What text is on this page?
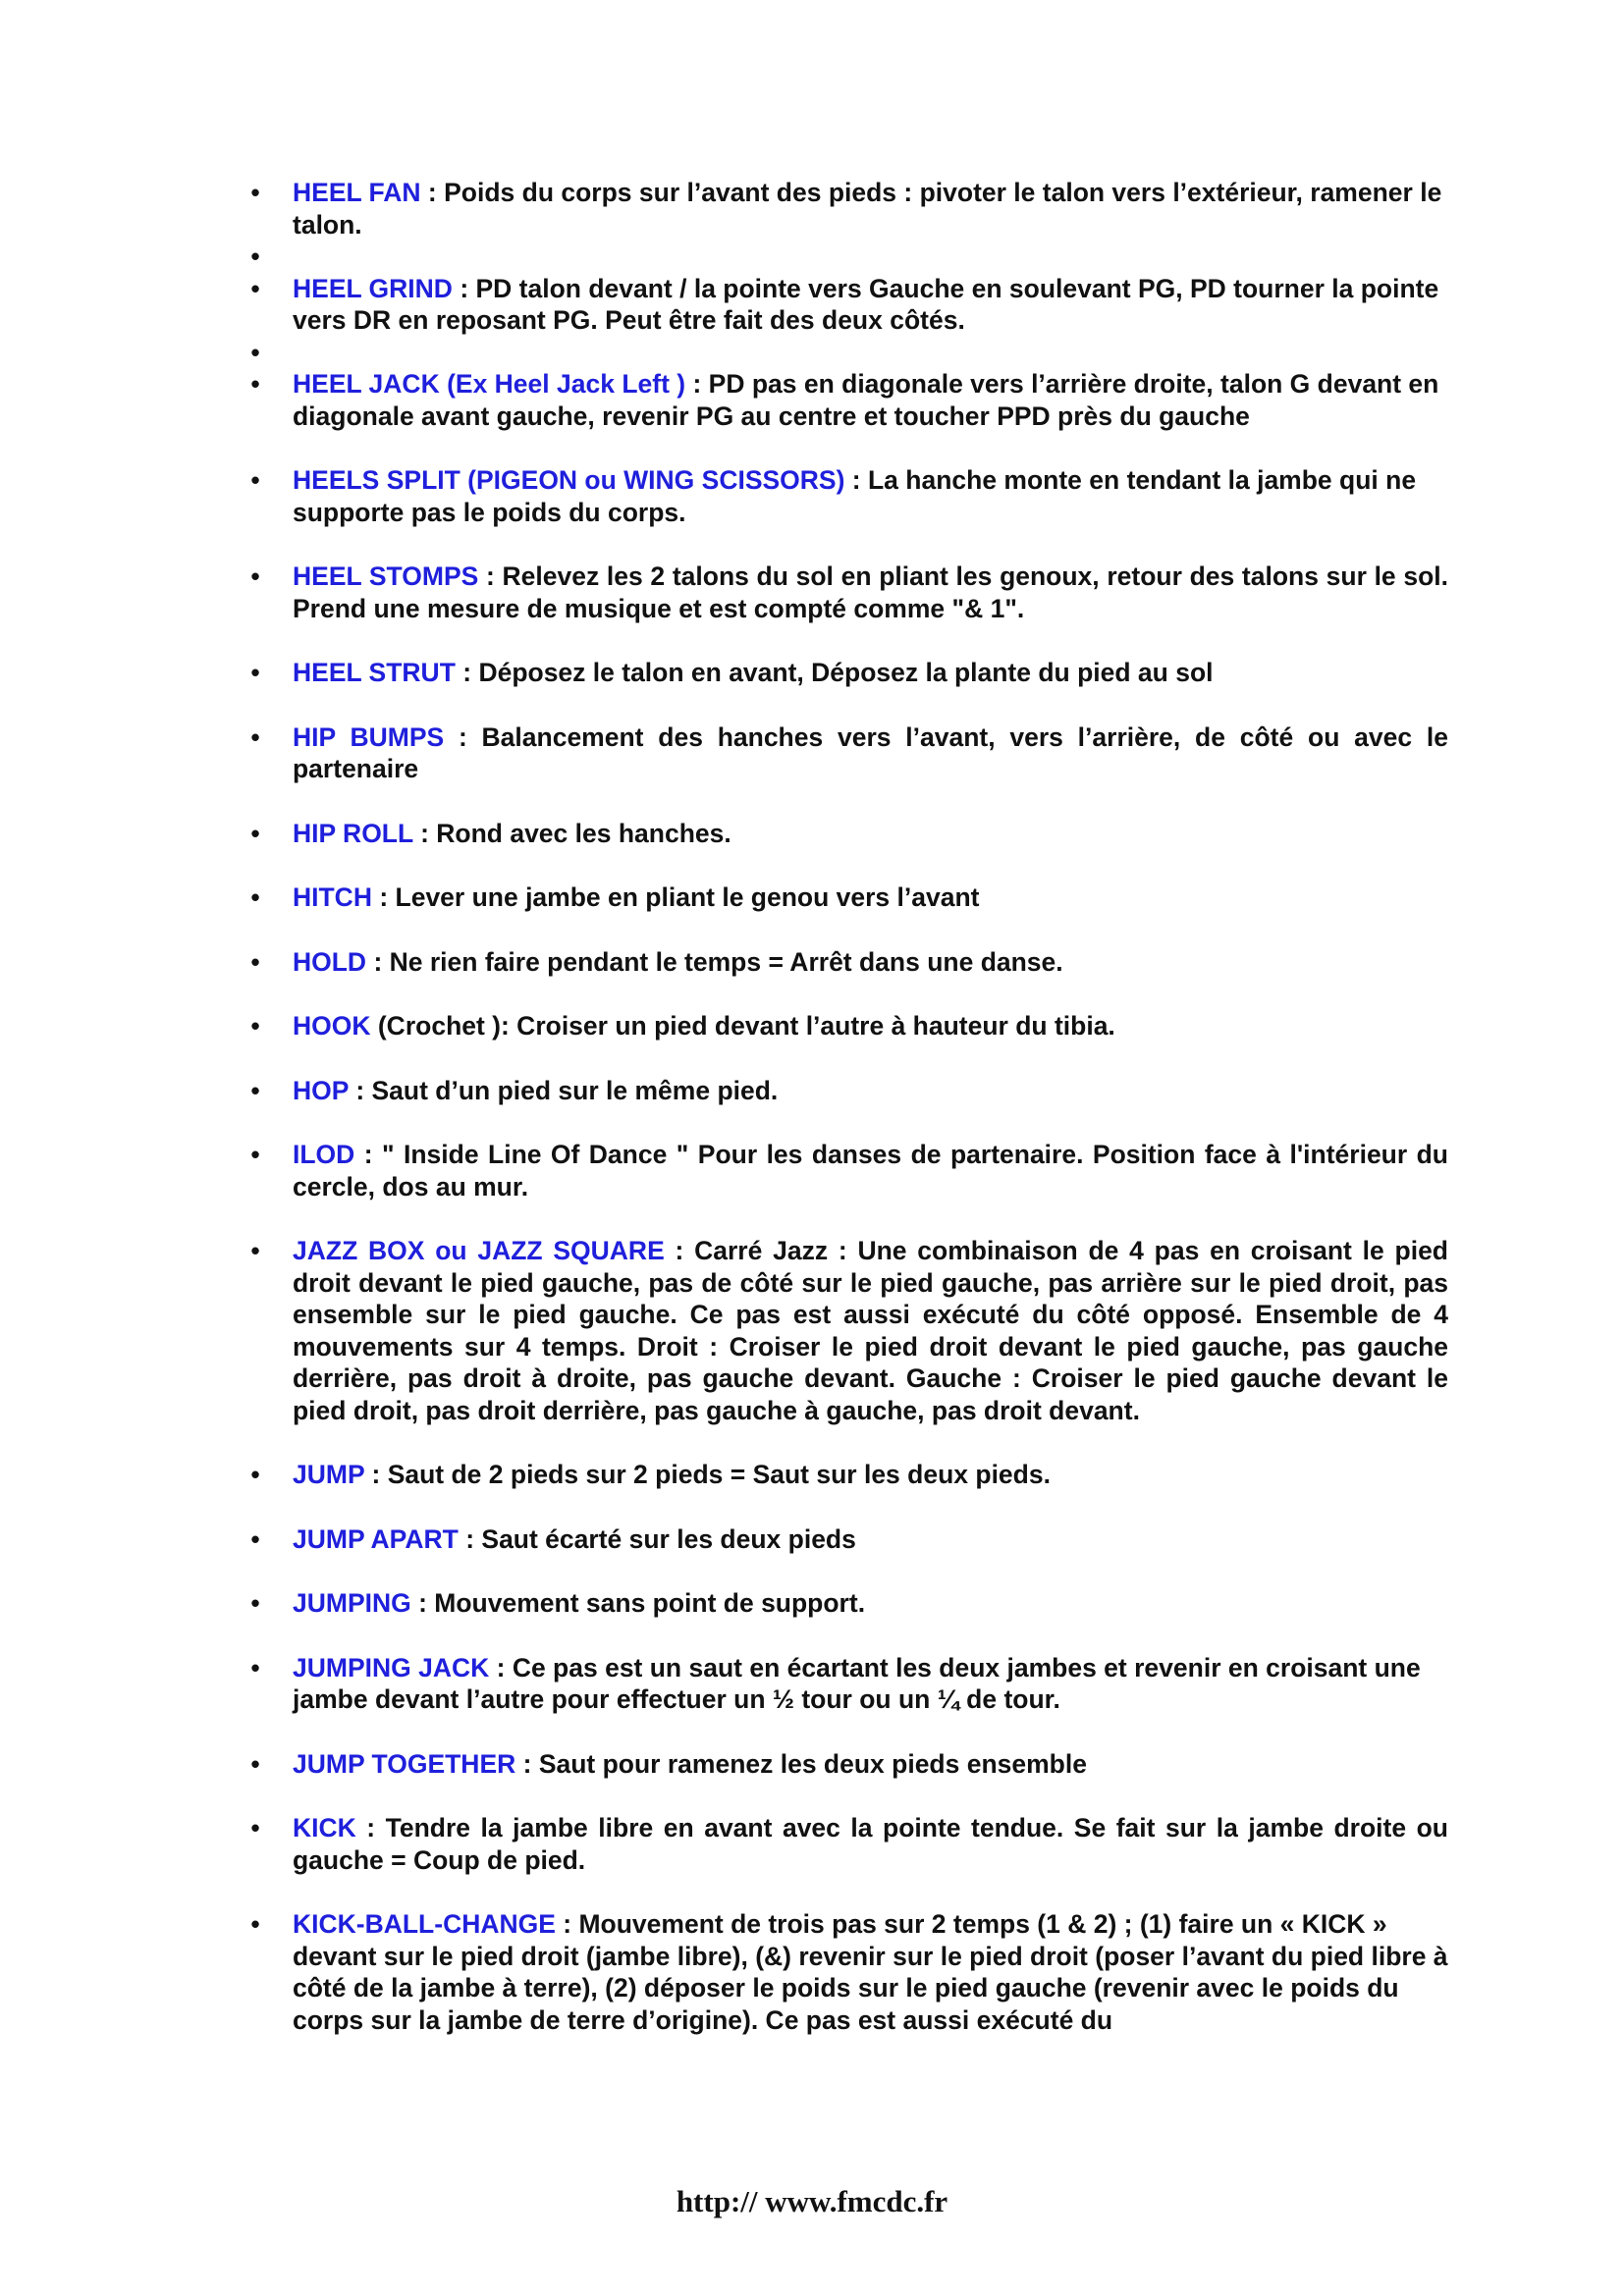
• HEEL FAN : Poids du corps sur l’avant des pieds : pivoter le talon vers l’extérieur, ramener le talon.
•

• HEEL GRIND : PD talon devant / la pointe vers Gauche en soulevant PG, PD tourner la pointe vers DR en reposant PG. Peut être fait des deux côtés.
•

• HEEL JACK (Ex Heel Jack Left ) : PD pas en diagonale vers l’arrière droite, talon G devant en diagonale avant gauche, revenir PG au centre et toucher PPD près du gauche
• HEELS SPLIT (PIGEON ou WING SCISSORS) : La hanche monte en tendant la jambe qui ne supporte pas le poids du corps.
• HEEL STOMPS : Relevez les 2 talons du sol en pliant les genoux, retour des talons sur le sol. Prend une mesure de musique et est compté comme "& 1".
• HEEL STRUT : Déposez le talon en avant, Déposez la plante du pied au sol
• HIP BUMPS : Balancement des hanches vers l’avant, vers l’arrière, de côté ou avec le partenaire
• HIP ROLL : Rond avec les hanches.
• HITCH : Lever une jambe en pliant le genou vers l’avant
• HOLD : Ne rien faire pendant le temps = Arrêt dans une danse.
• HOOK (Crochet ): Croiser un pied devant l’autre à hauteur du tibia.
• HOP : Saut d’un pied sur le même pied.
• ILOD : " Inside Line Of Dance " Pour les danses de partenaire. Position face à l'intérieur du cercle, dos au mur.
• JAZZ BOX ou JAZZ SQUARE : Carré Jazz : Une combinaison de 4 pas en croisant le pied droit devant le pied gauche, pas de côté sur le pied gauche, pas arrière sur le pied droit, pas ensemble sur le pied gauche. Ce pas est aussi exécuté du côté opposé. Ensemble de 4 mouvements sur 4 temps. Droit : Croiser le pied droit devant le pied gauche, pas gauche derrière, pas droit à droite, pas gauche devant. Gauche : Croiser le pied gauche devant le pied droit, pas droit derrière, pas gauche à gauche, pas droit devant.
• JUMP : Saut de 2 pieds sur 2 pieds = Saut sur les deux pieds.
• JUMP APART : Saut écarté sur les deux pieds
• JUMPING : Mouvement sans point de support.
• JUMPING JACK : Ce pas est un saut en écartant les deux jambes et revenir en croisant une jambe devant l’autre pour effectuer un ½ tour ou un ¼ de tour.
• JUMP TOGETHER : Saut pour ramenez les deux pieds ensemble
• KICK : Tendre la jambe libre en avant avec la pointe tendue. Se fait sur la jambe droite ou gauche = Coup de pied.
• KICK-BALL-CHANGE : Mouvement de trois pas sur 2 temps (1 & 2) ; (1) faire un « KICK » devant sur le pied droit (jambe libre), (&) revenir sur le pied droit (poser l’avant du pied libre à côté de la jambe à terre), (2) déposer le poids sur le pied gauche (revenir avec le poids du corps sur la jambe de terre d’origine). Ce pas est aussi exécuté du
http:// www.fmcdc.fr
